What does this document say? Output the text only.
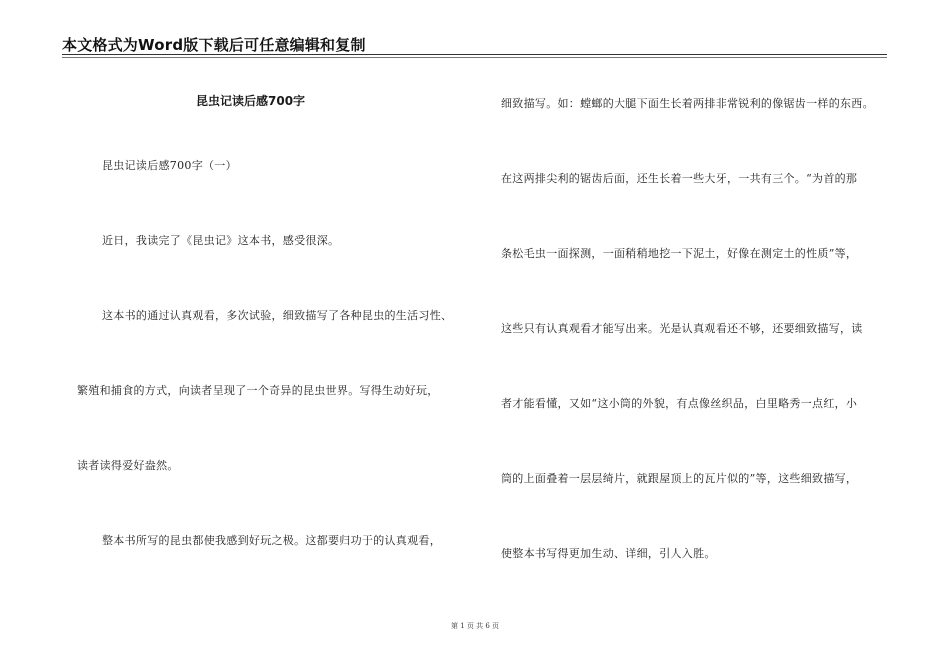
本文格式为Word版下载后可任意编辑和复制
昆虫记读后感700字
昆虫记读后感700字（一）
近日，我读完了《昆虫记》这本书，感受很深。
这本书的通过认真观看，多次试验，细致描写了各种昆虫的生活习性、
繁殖和捕食的方式，向读者呈现了一个奇异的昆虫世界。写得生动好玩，
读者读得爱好盎然。
整本书所写的昆虫都使我感到好玩之极。这都要归功于的认真观看，
细致描写。如：螳螂的大腿下面生长着两排非常锐利的像锯齿一样的东西。
在这两排尖利的锯齿后面，还生长着一些大牙，一共有三个。“为首的那
条松毛虫一面探测，一面稍稍地挖一下泥土，好像在测定土的性质”等，
这些只有认真观看才能写出来。光是认真观看还不够，还要细致描写，读
者才能看懂，又如“这小筒的外貌，有点像丝织品，白里略秀一点红，小
筒的上面叠着一层层绮片，就跟屋顶上的瓦片似的”等，这些细致描写，
使整本书写得更加生动、详细，引人入胜。
第 1 页 共 6 页
